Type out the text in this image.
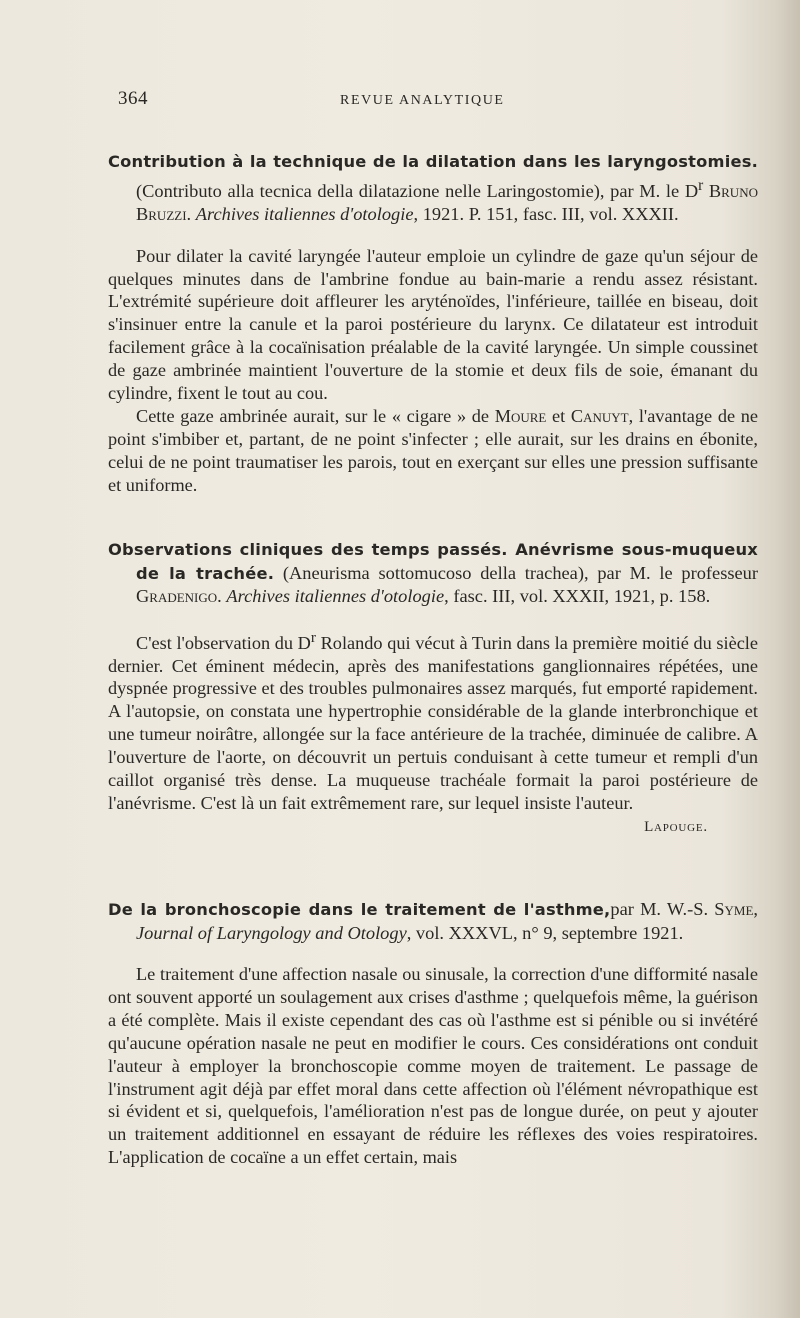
364	REVUE ANALYTIQUE

Contribution à la technique de la dilatation dans les laryngostomies. (Contributo alla tecnica della dilatazione nelle Laringostomie), par M. le $D^r$ Bruno Bruzzi. Archives italiennes d'otologie, 1921. P. 151, fasc. III, vol. XXXII.

Pour dilater la cavité laryngée l'auteur emploie un cylindre de gaze qu'un séjour de quelques minutes dans de l'ambrine fondue au bain-marie a rendu assez résistant. L'extrémité supérieure doit affleurer les aryténoïdes, l'inférieure, taillée en biseau, doit s'insinuer entre la canule et la paroi postérieure du larynx. Ce dilatateur est introduit facilement grâce à la cocaïnisation préalable de la cavité laryngée. Un simple coussinet de gaze ambrinée maintient l'ouverture de la stomie et deux fils de soie, émanant du cylindre, fixent le tout au cou.

Cette gaze ambrinée aurait, sur le « cigare » de Moure et Canuyt, l'avantage de ne point s'imbiber et, partant, de ne point s'infecter ; elle aurait, sur les drains en ébonite, celui de ne point traumatiser les parois, tout en exerçant sur elles une pression suffisante et uniforme.

Observations cliniques des temps passés. Anévrisme sous-muqueux de la trachée. (Aneurisma sottomucoso della trachea), par M. le professeur Gradenigo. Archives italiennes d'otologie, fasc. III, vol. XXXII, 1921, p. 158.

C'est l'observation du $D^r$ Rolando qui vécut à Turin dans la première moitié du siècle dernier. Cet éminent médecin, après des manifestations ganglionnaires répétées, une dyspnée progressive et des troubles pulmonaires assez marqués, fut emporté rapidement. A l'autopsie, on constata une hypertrophie considérable de la glande interbronchique et une tumeur noirâtre, allongée sur la face antérieure de la trachée, diminuée de calibre. A l'ouverture de l'aorte, on découvrit un pertuis conduisant à cette tumeur et rempli d'un caillot organisé très dense. La muqueuse trachéale formait la paroi postérieure de l'anévrisme. C'est là un fait extrêmement rare, sur lequel insiste l'auteur.

Lapouge.

De la bronchoscopie dans le traitement de l'asthme,par M. W.-S. Syme, Journal of Laryngology and Otology, vol. XXXVL, n° 9, septembre 1921.

Le traitement d'une affection nasale ou sinusale, la correction d'une difformité nasale ont souvent apporté un soulagement aux crises d'asthme ; quelquefois même, la guérison a été complète. Mais il existe cependant des cas où l'asthme est si pénible ou si invétéré qu'aucune opération nasale ne peut en modifier le cours. Ces considérations ont conduit l'auteur à employer la bronchoscopie comme moyen de traitement. Le passage de l'instrument agit déjà par effet moral dans cette affection où l'élément névropathique est si évident et si, quelquefois, l'amélioration n'est pas de longue durée, on peut y ajouter un traitement additionnel en essayant de réduire les réflexes des voies respiratoires. L'application de cocaïne a un effet certain, mais
